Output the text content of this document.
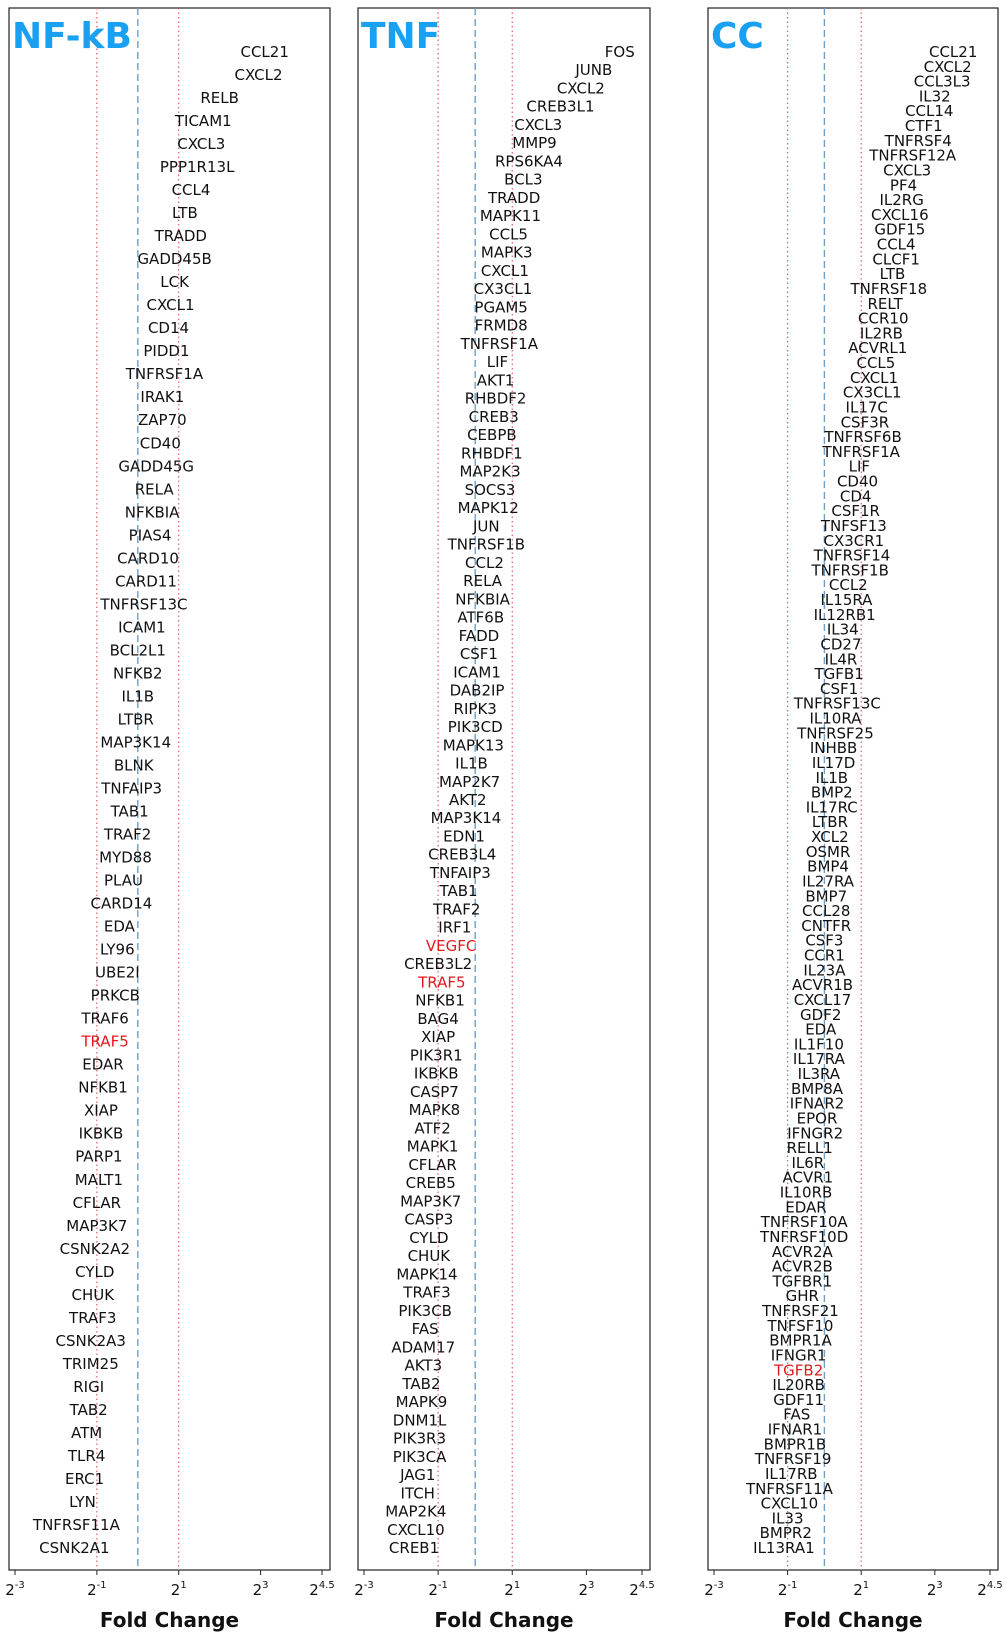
NF-kB	CCL21
CXCL2
RELB
TICAM1
CXCL3
PPP1R13L
CCL4
LTB
TRADD
GADD45B
LCK
CXCL1
CD14
PIDD1
TNFRSF1A
IRAK1
ZAP70
CD40
GADD45G
RELA
NFKBIA
PIAS4
CARD10
CARD11
TNFRSF13C
ICAM1
BCL2L1
NFKB2
IL1B
LTBR
MAP3K14
BLNK
TNFAIP3
TAB1
TRAF2
MYD88
PLAU
CARD14
EDA
LY96
UBE2I
PRKCB
TRAF6
TRAF5
EDAR
NFKB1
XIAP
IKBKB
PARP1
MALT1
CFLAR
MAP3K7
CSNK2A2
CYLD
CHUK
TRAF3
CSNK2A3
TRIM25
RIGI
TAB2
ATM
TLR4
ERC1
LYN
TNFRSF11A
CSNK2A1
$2^{-3}$	$2^{-1}$	$2^1$	$2^3$	$2^{4.5}$
Fold Change
TNF	FOS
JUNB
CXCL2
CREB3L1
CXCL3
MMP9
RPS6KA4
BCL3
TRADD
MAPK11
CCL5
MAPK3
CXCL1
CX3CL1
PGAM5
FRMD8
TNFRSF1A
LIF
AKT1
RHBDF2
CREB3
CEBPB
RHBDF1
MAP2K3
SOCS3
MAPK12
JUN
TNFRSF1B
CCL2
RELA
NFKBIA
ATF6B
FADD
CSF1
ICAM1
DAB2IP
RIPK3
PIK3CD
MAPK13
IL1B
MAP2K7
AKT2
MAP3K14
EDN1
CREB3L4
TNFAIP3
TAB1
TRAF2
IRF1
VEGFC
CREB3L2
TRAF5
NFKB1
BAG4
XIAP
PIK3R1
IKBKB
CASP7
MAPK8
ATF2
MAPK1
CFLAR
CREB5
MAP3K7
CASP3
CYLD
CHUK
MAPK14
TRAF3
PIK3CB
FAS
ADAM17
AKT3
TAB2
MAPK9
DNM1L
PIK3R3
PIK3CA
JAG1
ITCH
MAP2K4
CXCL10
CREB1
$2^{-3}$	$2^{-1}$	$2^1$	$2^3$ $2^{4.5}$
Fold Change
CC	CCL21
CXCL2
CCL3L3
IL32
CCL14
CTF1
TNFRSF4
TNFRSF12A
CXCL3
PF4
IL2RG
CXCL16
GDF15
CCL4
CLCF1
LTB
TNFRSF18
RELT
CCR10
IL2RB
ACVRL1
CCL5
CXCL1
CX3CL1
IL17C
CSF3R
TNFRSF6B
TNFRSF1A
LIF
CD40
CD4
CSF1R
TNFSF13
CX3CR1
TNFRSF14
TNFRSF1B
CCL2
IL15RA
IL12RB1
IL34
CD27
IL4R
TGFB1
CSF1
TNFRSF13C
IL10RA
TNFRSF25
INHBB
IL17D
IL1B
BMP2
IL17RC
LTBR
XCL2
OSMR
BMP4
IL27RA
BMP7
CCL28
CNTFR
CSF3
CCR1
IL23A
ACVR1B
CXCL17
GDF2
EDA
IL1F10
IL17RA
IL3RA
BMP8A
IFNAR2
EPOR
IFNGR2
RELL1
IL6R
ACVR1
IL10RB
EDAR
TNFRSF10A
TNFRSF10D
ACVR2A
ACVR2B
TGFBR1
GHR
TNFRSF21
TNFSF10
BMPR1A
IFNGR1
TGFB2
IL20RB
GDF11
FAS
IFNAR1
BMPR1B
TNFRSF19
IL17RB
TNFRSF11A
CXCL10
IL33
BMPR2
IL13RA1
$2^{-3}$	$2^{-1}$	$2^1$	$2^3$ $2^{4.5}$
Fold Change
